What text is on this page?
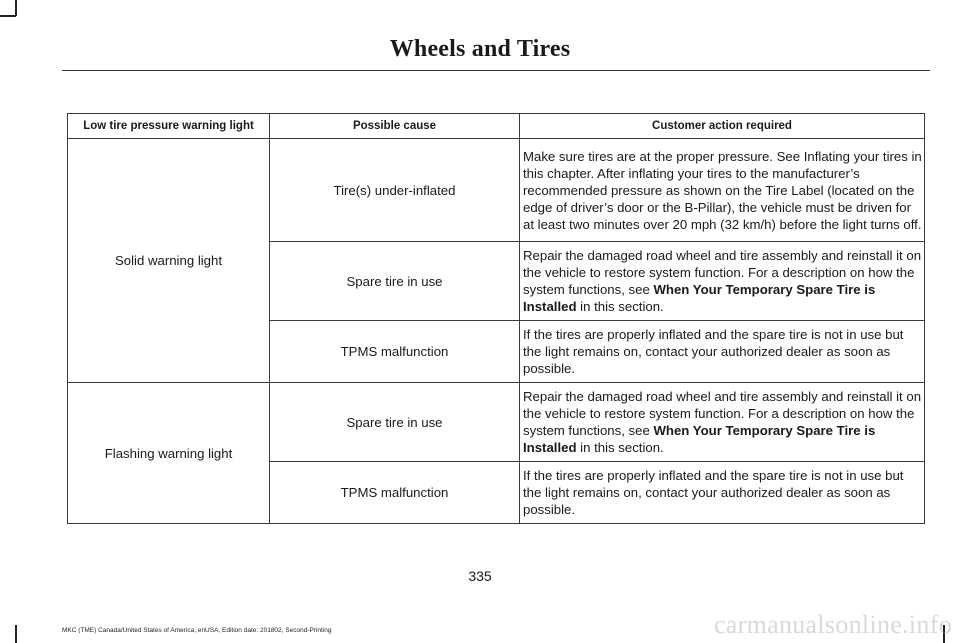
Wheels and Tires
Low tire pressure warning light	Possible cause	Customer action required
Solid warning light	Tire(s) under-inflated	Make sure tires are at the proper pressure. See Inflating your tires in this chapter. After inflating your tires to the manufacturer’s recommended pressure as shown on the Tire Label (located on the edge of driver’s door or the B-Pillar), the vehicle must be driven for at least two minutes over 20 mph (32 km/h) before the light turns off.
	Spare tire in use	Repair the damaged road wheel and tire assembly and reinstall it on the vehicle to restore system function. For a description on how the system functions, see When Your Temporary Spare Tire is Installed in this section.
	TPMS malfunction	If the tires are properly inflated and the spare tire is not in use but the light remains on, contact your authorized dealer as soon as possible.
Flashing warning light	Spare tire in use	Repair the damaged road wheel and tire assembly and reinstall it on the vehicle to restore system function. For a description on how the system functions, see When Your Temporary Spare Tire is Installed in this section.
	TPMS malfunction	If the tires are properly inflated and the spare tire is not in use but the light remains on, contact your authorized dealer as soon as possible.
335
MKC (TME) Canada/United States of America, enUSA, Edition date: 201802, Second-Printing	carmanualsonline.info
